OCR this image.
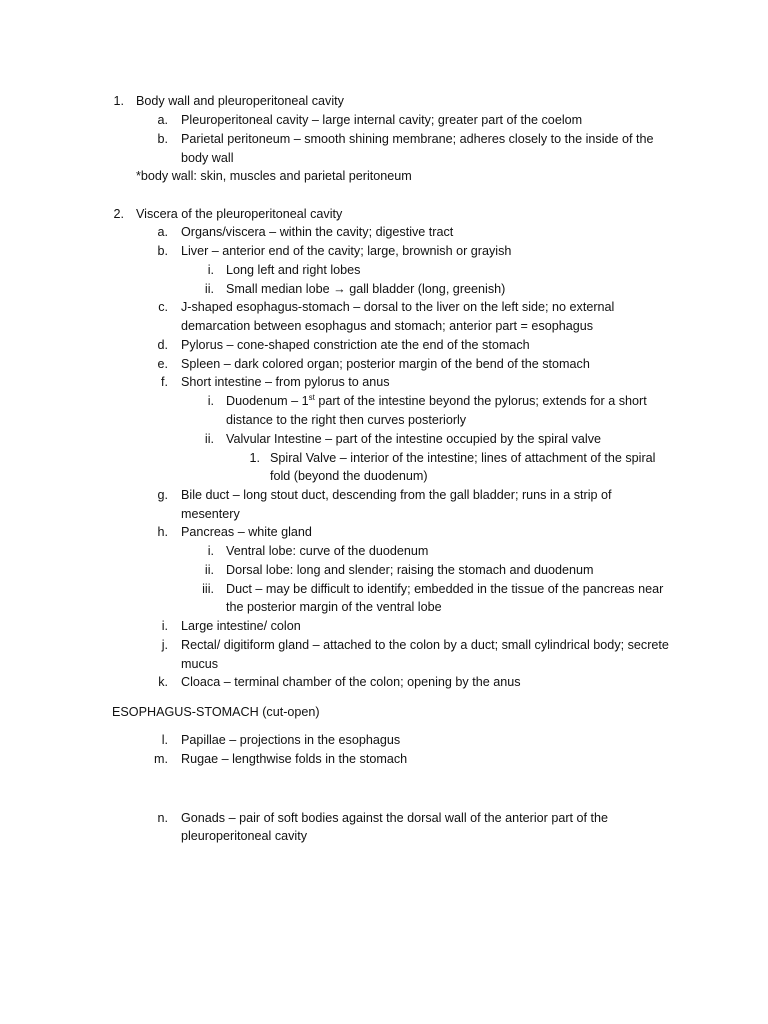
1. Body wall and pleuroperitoneal cavity
a. Pleuroperitoneal cavity – large internal cavity; greater part of the coelom
b. Parietal peritoneum – smooth shining membrane; adheres closely to the inside of the
body wall
*body wall: skin, muscles and parietal peritoneum
2. Viscera of the pleuroperitoneal cavity
a. Organs/viscera – within the cavity; digestive tract
b. Liver – anterior end of the cavity; large, brownish or grayish
i. Long left and right lobes
ii. Small median lobe → gall bladder (long, greenish)
c. J-shaped esophagus-stomach – dorsal to the liver on the left side; no external
demarcation between esophagus and stomach; anterior part = esophagus
d. Pylorus – cone-shaped constriction ate the end of the stomach
e. Spleen – dark colored organ; posterior margin of the bend of the stomach
f. Short intestine – from pylorus to anus
i. Duodenum – 1st part of the intestine beyond the pylorus; extends for a short
distance to the right then curves posteriorly
ii. Valvular Intestine – part of the intestine occupied by the spiral valve
1. Spiral Valve – interior of the intestine; lines of attachment of the spiral
fold (beyond the duodenum)
g. Bile duct – long stout duct, descending from the gall bladder; runs in a strip of
mesentery
h. Pancreas – white gland
i. Ventral lobe: curve of the duodenum
ii. Dorsal lobe: long and slender; raising the stomach and duodenum
iii. Duct – may be difficult to identify; embedded in the tissue of the pancreas near
the posterior margin of the ventral lobe
i. Large intestine/ colon
j. Rectal/ digitiform gland – attached to the colon by a duct; small cylindrical body; secrete
mucus
k. Cloaca – terminal chamber of the colon; opening by the anus
ESOPHAGUS-STOMACH (cut-open)
l. Papillae – projections in the esophagus
m. Rugae – lengthwise folds in the stomach
n. Gonads – pair of soft bodies against the dorsal wall of the anterior part of the
pleuroperitoneal cavity
